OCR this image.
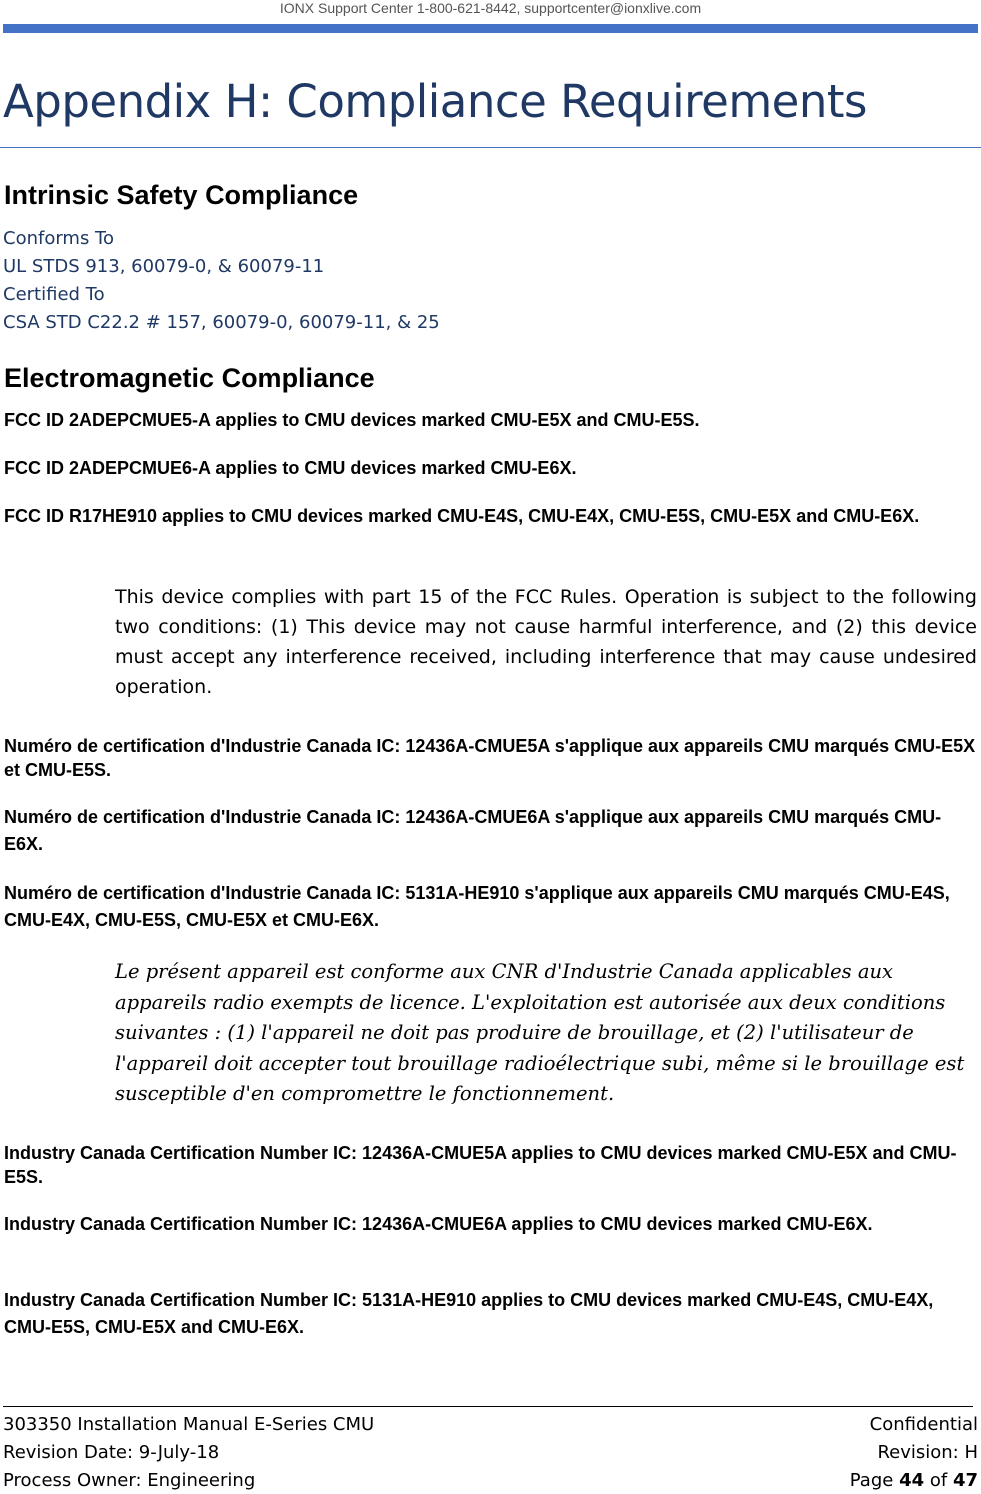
IONX Support Center 1-800-621-8442, supportcenter@ionxlive.com
Appendix H: Compliance Requirements
Intrinsic Safety Compliance
Conforms To
UL STDS 913, 60079-0, & 60079-11
Certified To
CSA STD C22.2 # 157, 60079-0, 60079-11, & 25
Electromagnetic Compliance
FCC ID 2ADEPCMUE5-A applies to CMU devices marked CMU-E5X and CMU-E5S.
FCC ID 2ADEPCMUE6-A applies to CMU devices marked CMU-E6X.
FCC ID R17HE910 applies to CMU devices marked CMU-E4S, CMU-E4X, CMU-E5S, CMU-E5X and CMU-E6X.
This device complies with part 15 of the FCC Rules. Operation is subject to the following two conditions: (1) This device may not cause harmful interference, and (2) this device must accept any interference received, including interference that may cause undesired operation.
Numéro de certification d'Industrie Canada IC: 12436A-CMUE5A s'applique aux appareils CMU marqués CMU-E5X et CMU-E5S.
Numéro de certification d'Industrie Canada IC: 12436A-CMUE6A s'applique aux appareils CMU marqués CMU-E6X.
Numéro de certification d'Industrie Canada IC: 5131A-HE910 s'applique aux appareils CMU marqués CMU-E4S, CMU-E4X, CMU-E5S, CMU-E5X et CMU-E6X.
Le présent appareil est conforme aux CNR d'Industrie Canada applicables aux appareils radio exempts de licence. L'exploitation est autorisée aux deux conditions suivantes : (1) l'appareil ne doit pas produire de brouillage, et (2) l'utilisateur de l'appareil doit accepter tout brouillage radioélectrique subi, même si le brouillage est susceptible d'en compromettre le fonctionnement.
Industry Canada Certification Number IC: 12436A-CMUE5A applies to CMU devices marked CMU-E5X and CMU-E5S.
Industry Canada Certification Number IC: 12436A-CMUE6A applies to CMU devices marked CMU-E6X.
Industry Canada Certification Number IC: 5131A-HE910 applies to CMU devices marked CMU-E4S, CMU-E4X, CMU-E5S, CMU-E5X and CMU-E6X.
303350 Installation Manual E-Series CMU	Confidential
Revision Date: 9-July-18	Revision: H
Process Owner: Engineering	Page 44 of 47
